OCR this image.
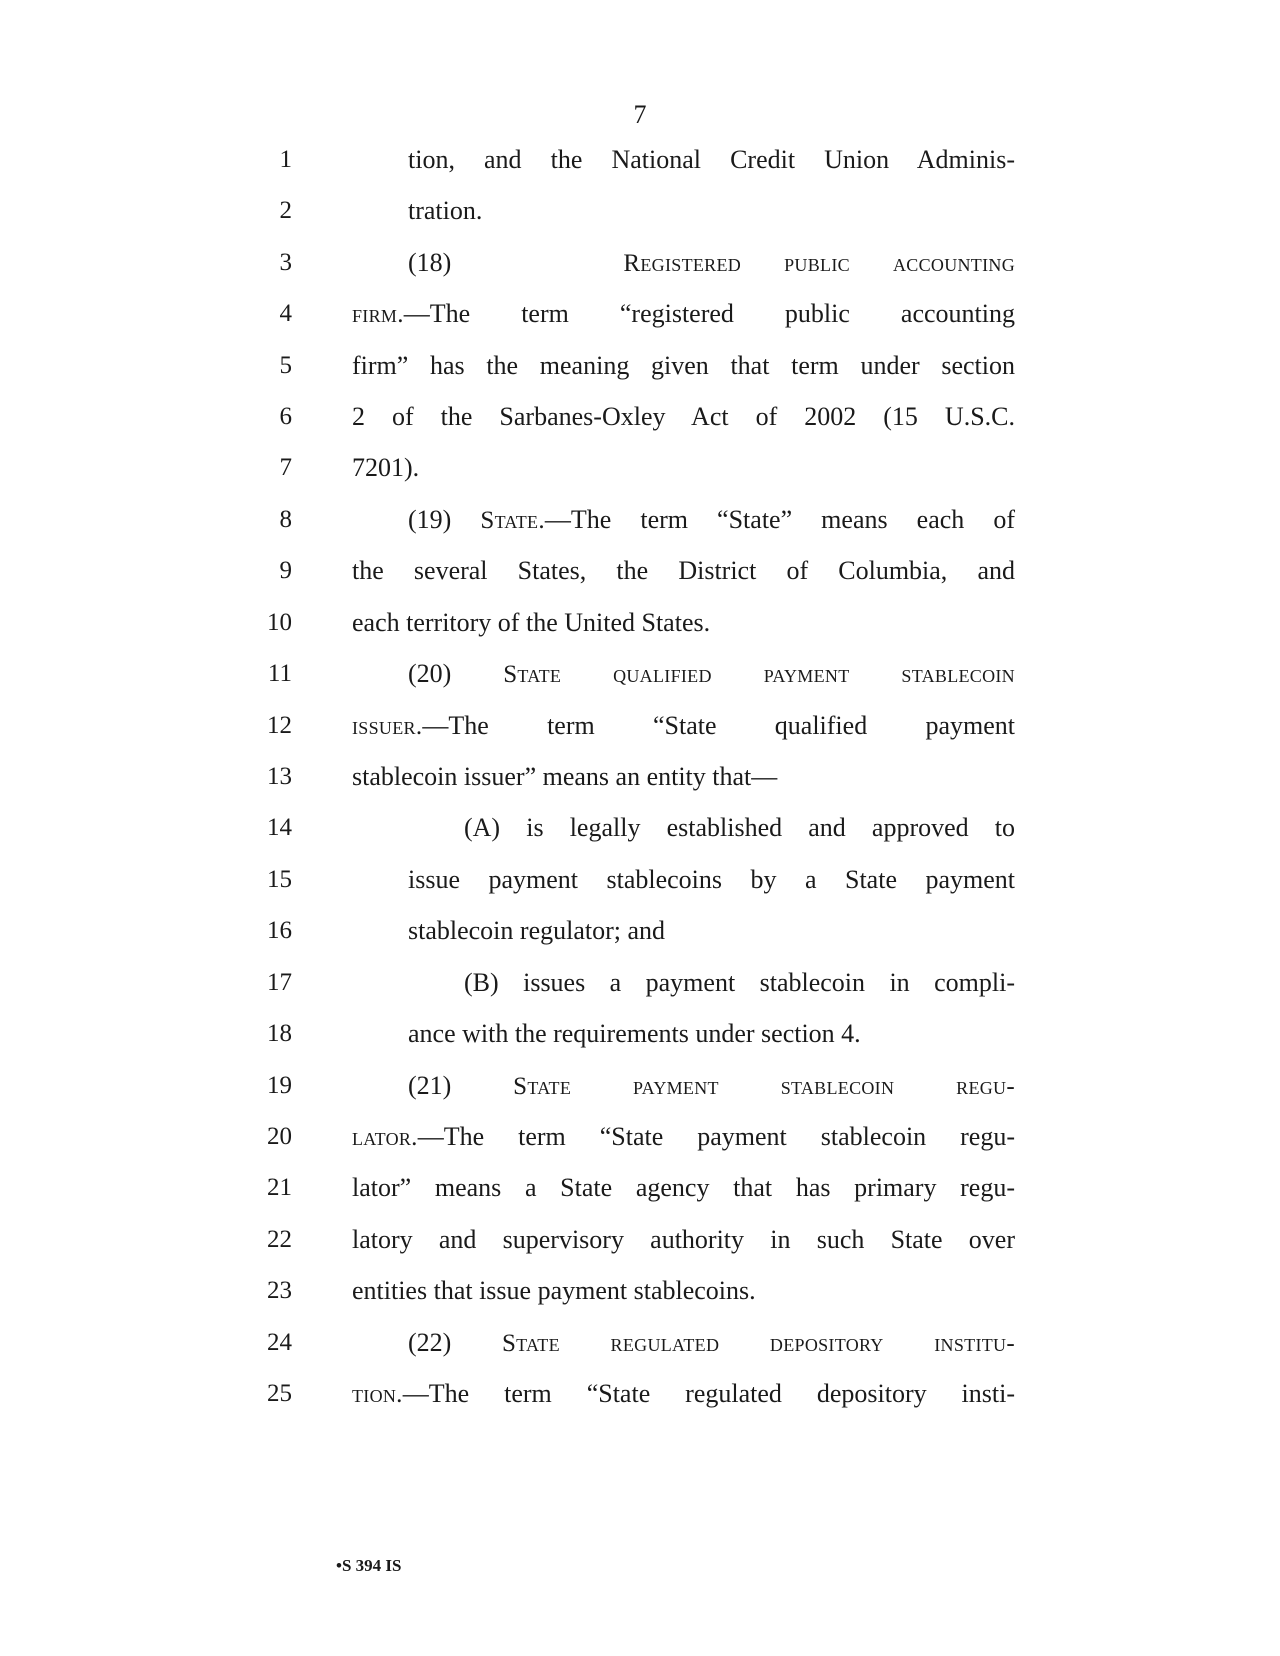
7
1	tion, and the National Credit Union Adminis-
2	tration.
3	(18)    Registered public accounting
4 firm.—The term “registered public accounting
5 firm” has the meaning given that term under section
6 2 of the Sarbanes-Oxley Act of 2002 (15 U.S.C.
7 7201).
8	(19) State.—The term “State” means each of
9 the several States, the District of Columbia, and
10 each territory of the United States.
11	(20) State qualified payment stablecoin
12 issuer.—The term “State qualified payment
13 stablecoin issuer” means an entity that—
14	(A) is legally established and approved to
15	issue payment stablecoins by a State payment
16	stablecoin regulator; and
17	(B) issues a payment stablecoin in compli-
18	ance with the requirements under section 4.
19	(21) State payment stablecoin regu-
20 lator.—The term “State payment stablecoin regu-
21 lator” means a State agency that has primary regu-
22 latory and supervisory authority in such State over
23 entities that issue payment stablecoins.
24	(22) State regulated depository institu-
25 tion.—The term “State regulated depository insti-
•S 394 IS
